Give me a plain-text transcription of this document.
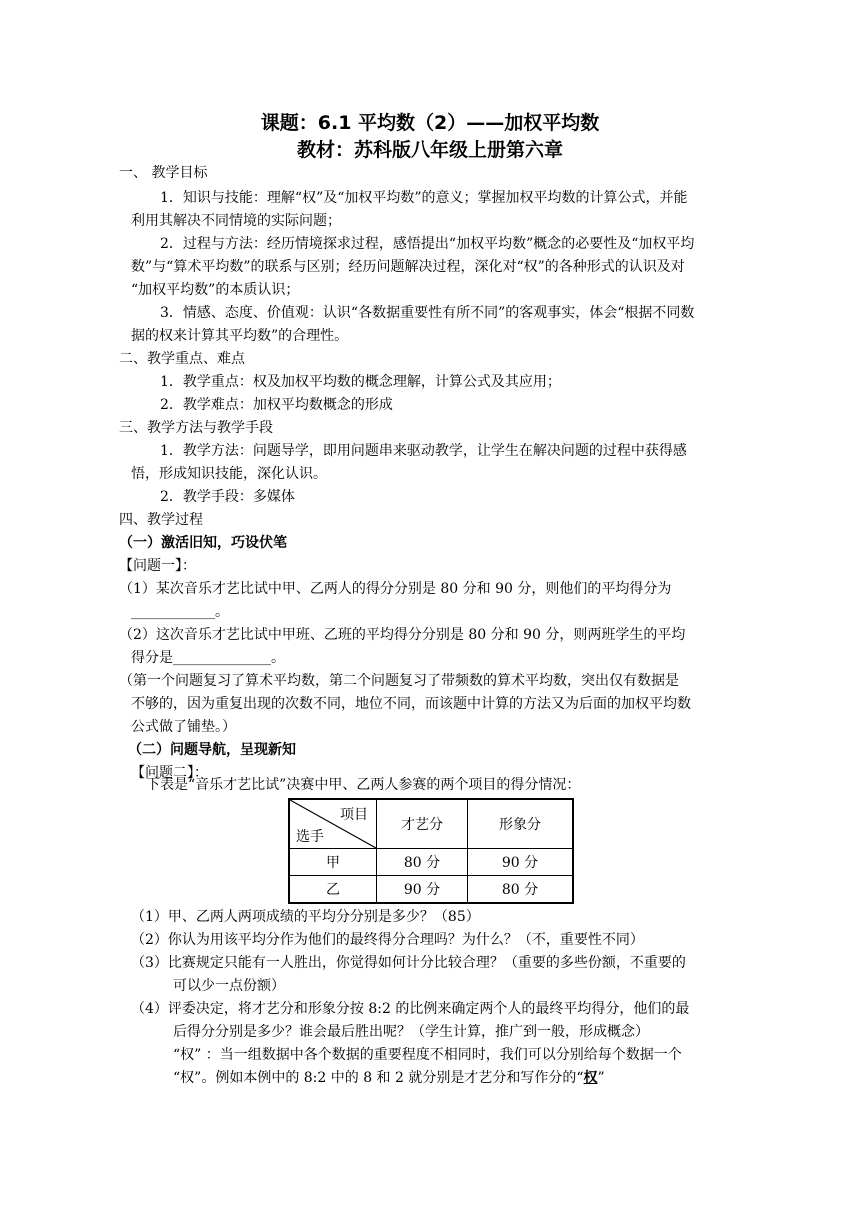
课题：6.1 平均数（2）——加权平均数
教材：苏科版八年级上册第六章
一、 教学目标
1．知识与技能：理解“权”及“加权平均数”的意义；掌握加权平均数的计算公式，并能
利用其解决不同情境的实际问题；
2．过程与方法：经历情境探求过程，感悟提出“加权平均数”概念的必要性及“加权平均
数”与“算术平均数”的联系与区别；经历问题解决过程，深化对“权”的各种形式的认识及对
“加权平均数”的本质认识；
3．情感、态度、价值观：认识“各数据重要性有所不同”的客观事实，体会“根据不同数
据的权来计算其平均数”的合理性。
二、教学重点、难点
1．教学重点：权及加权平均数的概念理解，计算公式及其应用；
2．教学难点：加权平均数概念的形成
三、教学方法与教学手段
1．教学方法：问题导学，即用问题串来驱动教学，让学生在解决问题的过程中获得感
悟，形成知识技能，深化认识。
2．教学手段：多媒体
四、教学过程
（一）激活旧知，巧设伏笔
【问题一】：
（1）某次音乐才艺比试中甲、乙两人的得分分别是 80 分和 90 分，则他们的平均得分为
____________。
（2）这次音乐才艺比试中甲班、乙班的平均得分分别是 80 分和 90 分，则两班学生的平均
得分是______________。
（第一个问题复习了算术平均数，第二个问题复习了带频数的算术平均数，突出仅有数据是
不够的，因为重复出现的次数不同，地位不同，而该题中计算的方法又为后面的加权平均数
公式做了铺垫。）
（二）问题导航，呈现新知
【问题二】：
下表是“音乐才艺比试”决赛中甲、乙两人参赛的两个项目的得分情况：
项目
选手	才艺分	形象分
甲	80 分	90 分
乙	90 分	80 分
（1）甲、乙两人两项成绩的平均分分别是多少？（85）
（2）你认为用该平均分作为他们的最终得分合理吗？为什么？（不，重要性不同）
（3）比赛规定只能有一人胜出，你觉得如何计分比较合理？（重要的多些份额，不重要的
可以少一点份额）
（4）评委决定，将才艺分和形象分按 8:2 的比例来确定两个人的最终平均得分，他们的最
后得分分别是多少？谁会最后胜出呢？（学生计算，推广到一般，形成概念）
“权” ：当一组数据中各个数据的重要程度不相同时，我们可以分别给每个数据一个
“权”。例如本例中的 8:2 中的 8 和 2 就分别是才艺分和写作分的“权”
